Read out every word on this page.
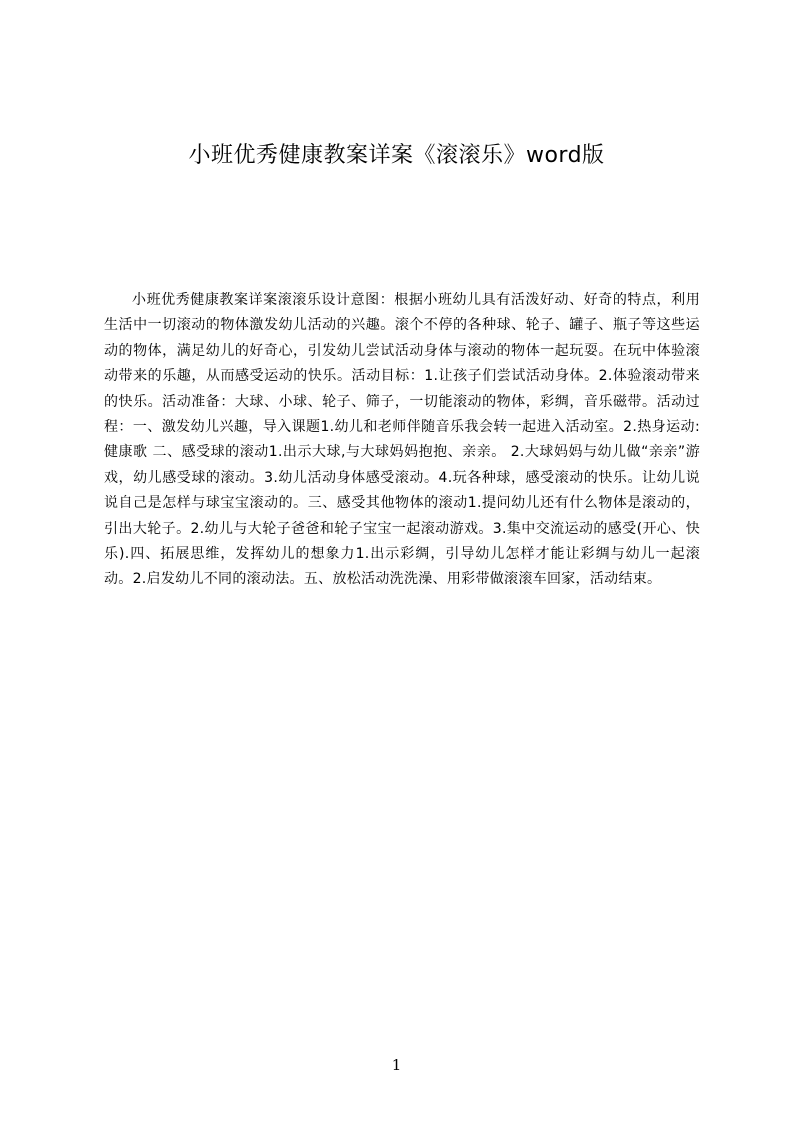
小班优秀健康教案详案《滚滚乐》word版

小班优秀健康教案详案滚滚乐设计意图：根据小班幼儿具有活泼好动、好奇的特点，利用生活中一切滚动的物体激发幼儿活动的兴趣。滚个不停的各种球、轮子、罐子、瓶子等这些运动的物体，满足幼儿的好奇心，引发幼儿尝试活动身体与滚动的物体一起玩耍。在玩中体验滚动带来的乐趣，从而感受运动的快乐。活动目标：1.让孩子们尝试活动身体。2.体验滚动带来的快乐。活动准备：大球、小球、轮子、筛子，一切能滚动的物体，彩绸，音乐磁带。活动过程：一、激发幼儿兴趣，导入课题1.幼儿和老师伴随音乐我会转一起进入活动室。2.热身运动:健康歌 二、感受球的滚动1.出示大球,与大球妈妈抱抱、亲亲。 2.大球妈妈与幼儿做“亲亲”游戏，幼儿感受球的滚动。3.幼儿活动身体感受滚动。4.玩各种球，感受滚动的快乐。让幼儿说说自己是怎样与球宝宝滚动的。三、感受其他物体的滚动1.提问幼儿还有什么物体是滚动的，引出大轮子。2.幼儿与大轮子爸爸和轮子宝宝一起滚动游戏。3.集中交流运动的感受(开心、快乐).四、拓展思维，发挥幼儿的想象力1.出示彩绸，引导幼儿怎样才能让彩绸与幼儿一起滚动。2.启发幼儿不同的滚动法。五、放松活动洗洗澡、用彩带做滚滚车回家，活动结束。

1
